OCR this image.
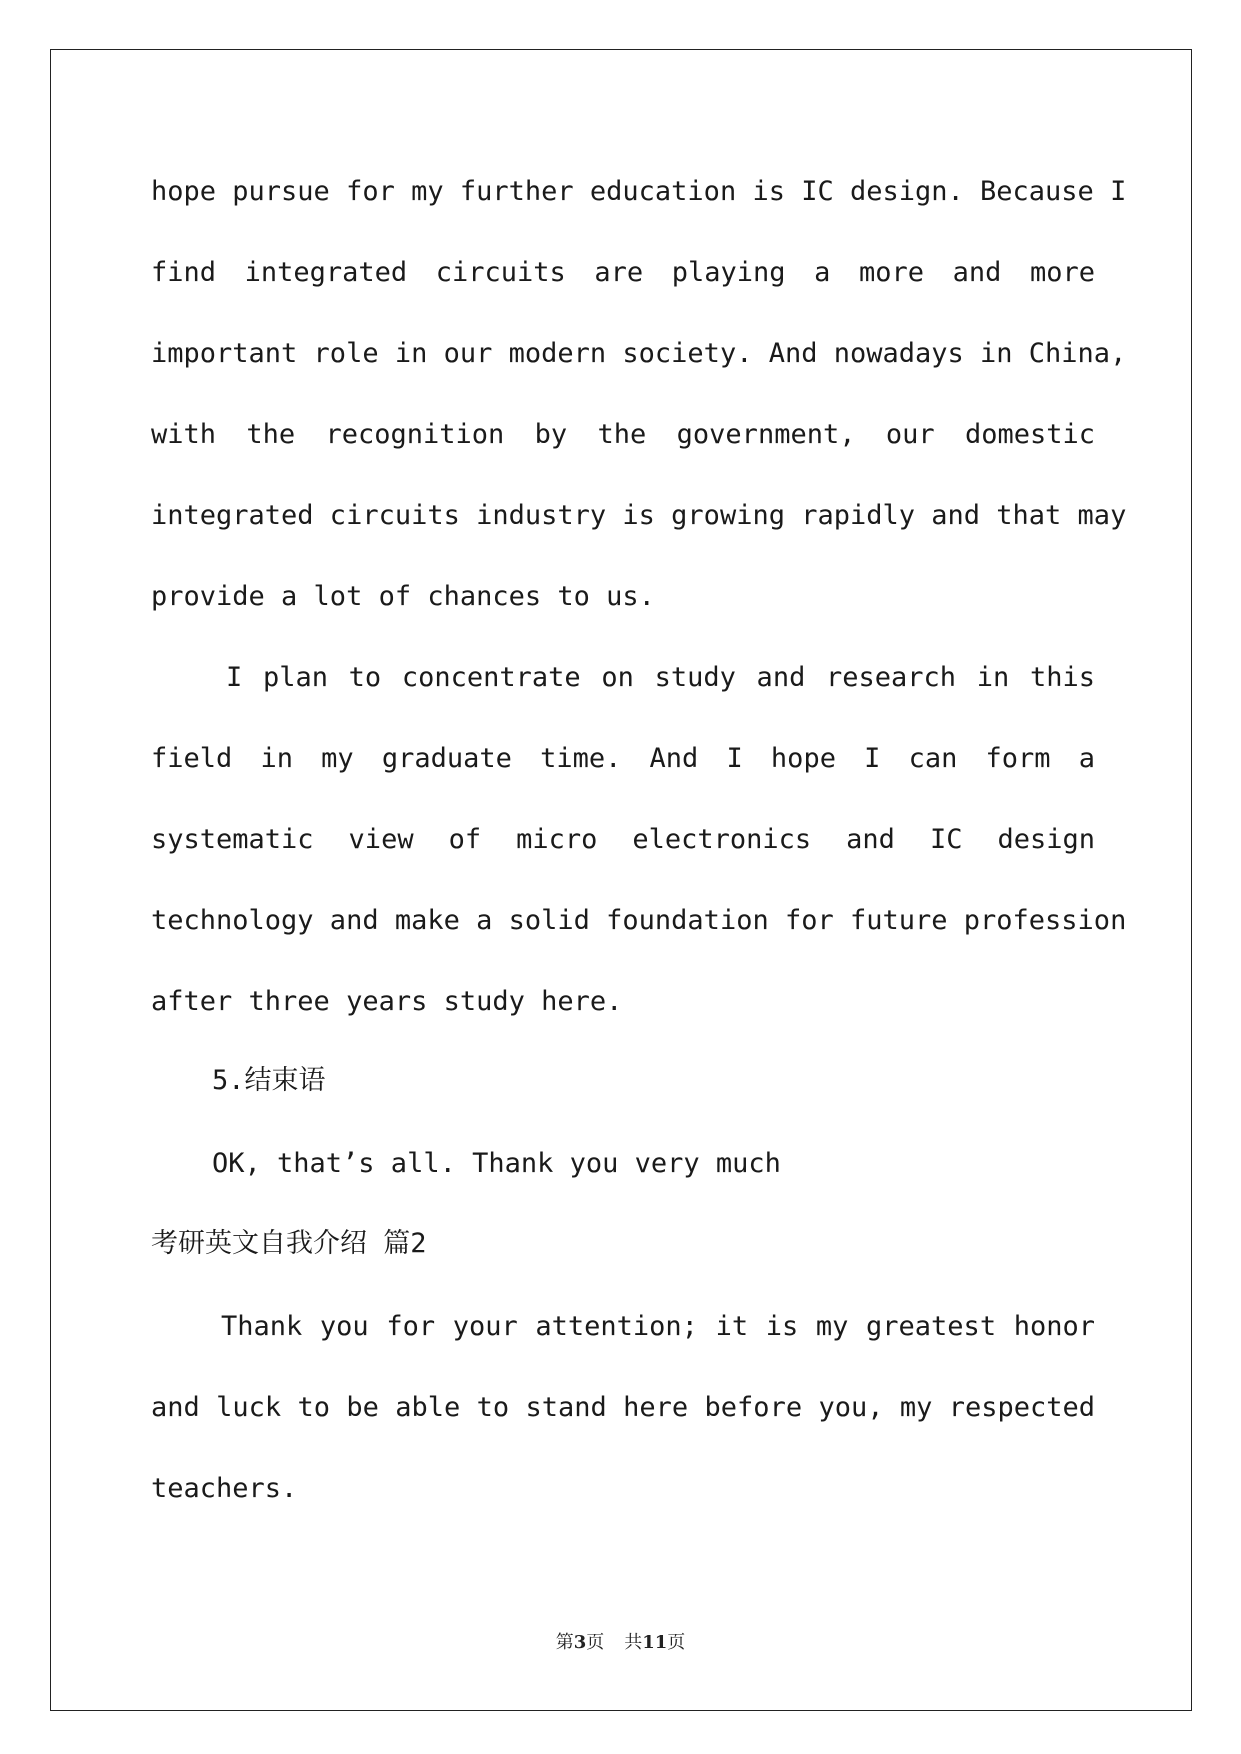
hope pursue for my further education is IC design. Because I
find integrated circuits are playing a more and more
important role in our modern society. And nowadays in China,
with the recognition by the government, our domestic
integrated circuits industry is growing rapidly and that may
provide a lot of chances to us.
I plan to concentrate on study and research in this
field in my graduate time. And I hope I can form a
systematic view of micro electronics and IC design
technology and make a solid foundation for future profession
after three years study here.
5.结束语
OK, that’s all. Thank you very much
考研英文自我介绍 篇2
Thank you for your attention; it is my greatest honor
and luck to be able to stand here before you, my respected
teachers.
第3页 共11页
